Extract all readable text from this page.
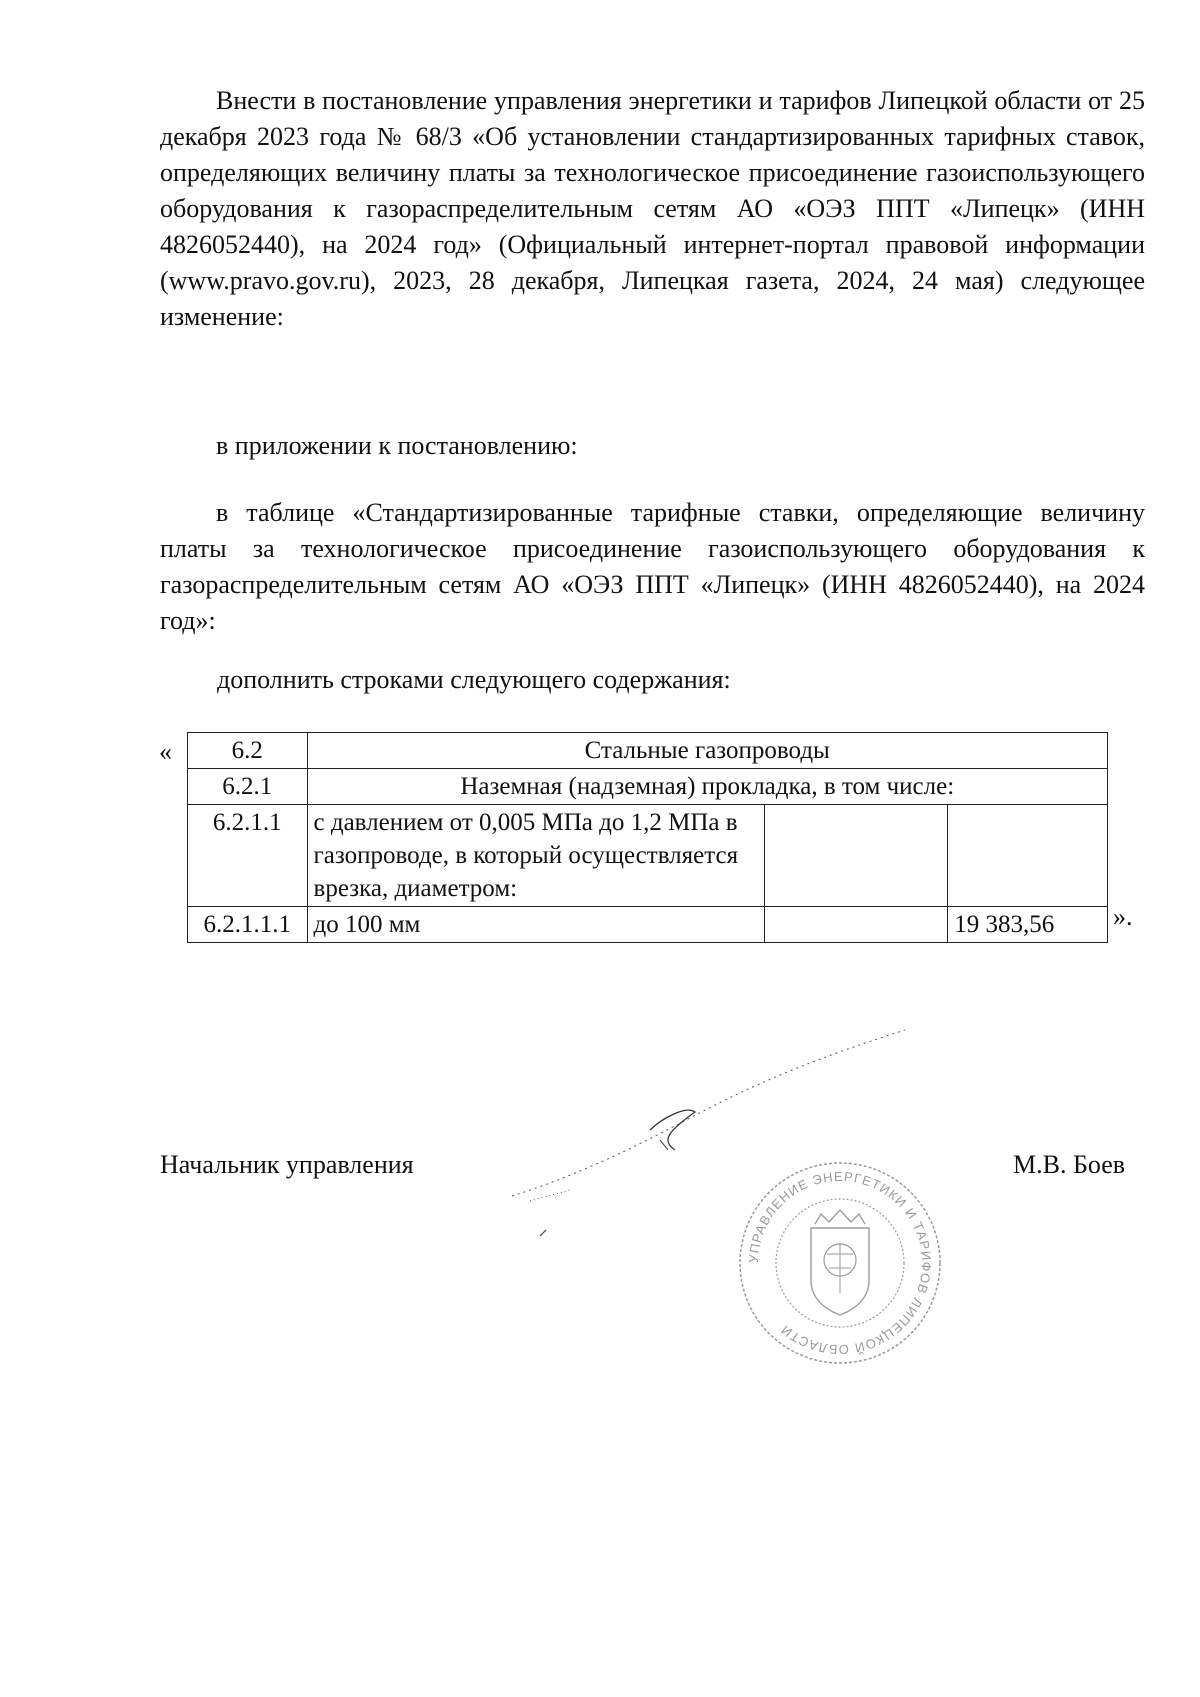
Внести в постановление управления энергетики и тарифов Липецкой области от 25 декабря 2023 года № 68/3 «Об установлении стандартизированных тарифных ставок, определяющих величину платы за технологическое присоединение газоиспользующего оборудования к газораспределительным сетям АО «ОЭЗ ППТ «Липецк» (ИНН 4826052440), на 2024 год» (Официальный интернет-портал правовой информации (www.pravo.gov.ru), 2023, 28 декабря, Липецкая газета, 2024, 24 мая) следующее изменение:

в приложении к постановлению:

в таблице «Стандартизированные тарифные ставки, определяющие величину платы за технологическое присоединение газоиспользующего оборудования к газораспределительным сетям АО «ОЭЗ ППТ «Липецк» (ИНН 4826052440), на 2024 год»:

дополнить строками следующего содержания:

« 6.2	Стальные газопроводы		
6.2.1	Наземная (надземная) прокладка, в том числе:		
6.2.1.1	с давлением от 0,005 МПа до 1,2 МПа в газопроводе, в который осуществляется врезка, диаметром:		
6.2.1.1.1	до 100 мм		19 383,56 ».
Начальник управления	М.В. Боев
УПРАВЛЕНИЕ ЭНЕРГЕТИКИ И ТАРИФОВ ЛИПЕЦКОЙ ОБЛАСТИ
